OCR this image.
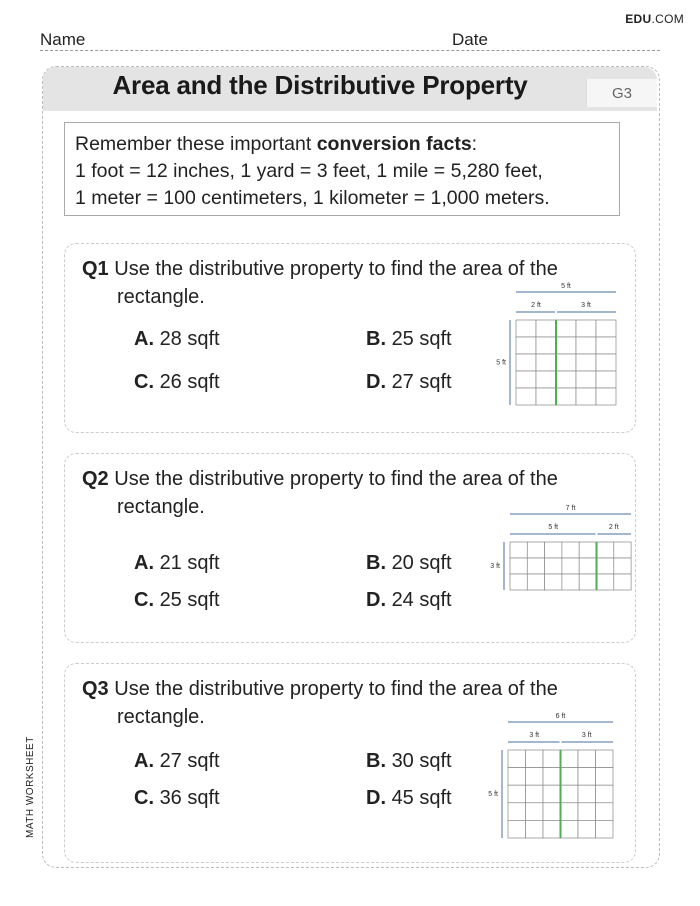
EDU.COM
Name	Date
Area and the Distributive Property	G3
Remember these important conversion facts:
1 foot = 12 inches, 1 yard = 3 feet, 1 mile = 5,280 feet,
1 meter = 100 centimeters, 1 kilometer = 1,000 meters.
Q1 Use the distributive property to find the area of the
rectangle.
A. 28 sqft	B. 25 sqft
C. 26 sqft	D. 27 sqft
5 ft
2 ft	3 ft
5 ft
Q2 Use the distributive property to find the area of the
rectangle.
A. 21 sqft	B. 20 sqft
C. 25 sqft	D. 24 sqft
7 ft
5 ft	2 ft
3 ft
Q3 Use the distributive property to find the area of the
rectangle.
A. 27 sqft	B. 30 sqft
C. 36 sqft	D. 45 sqft
6 ft
3 ft	3 ft
5 ft
MATH WORKSHEET
